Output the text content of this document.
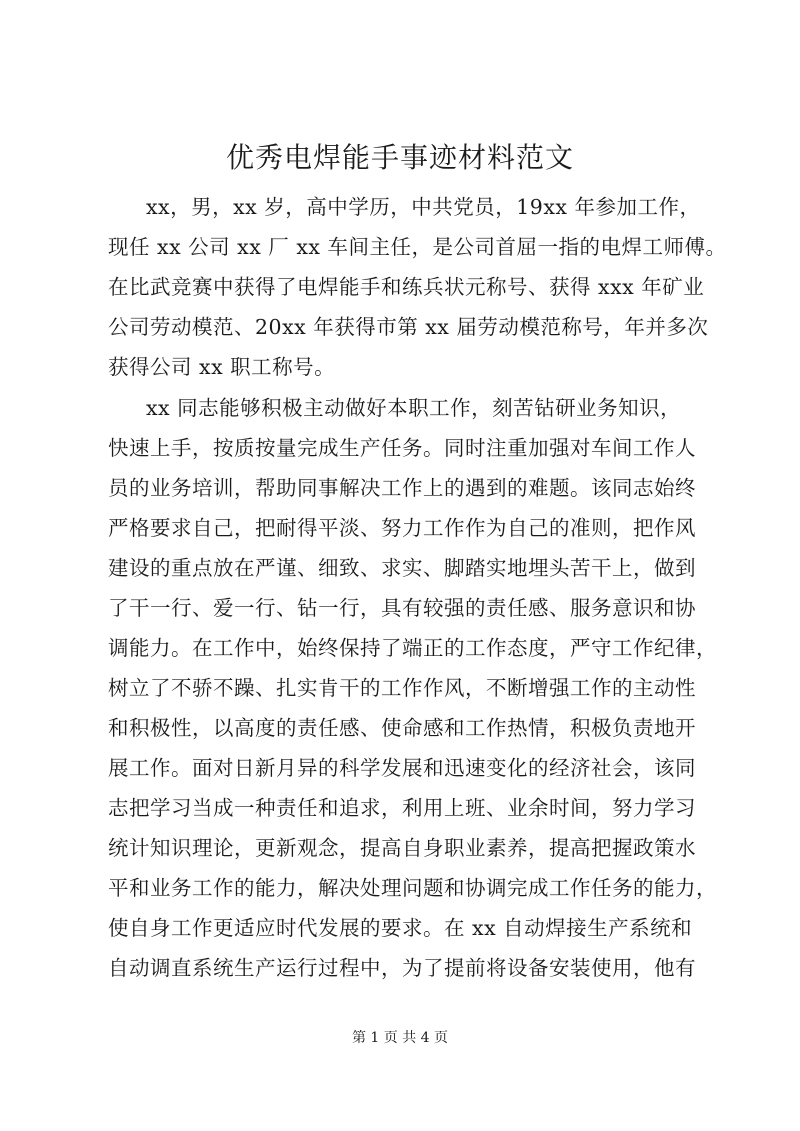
优秀电焊能手事迹材料范文
xx，男，xx 岁，高中学历，中共党员，19xx 年参加工作，
现任 xx 公司 xx 厂 xx 车间主任，是公司首屈一指的电焊工师傅。
在比武竞赛中获得了电焊能手和练兵状元称号、获得 xxx 年矿业
公司劳动模范、20xx 年获得市第 xx 届劳动模范称号，年并多次
获得公司 xx 职工称号。
xx 同志能够积极主动做好本职工作，刻苦钻研业务知识，
快速上手，按质按量完成生产任务。同时注重加强对车间工作人
员的业务培训，帮助同事解决工作上的遇到的难题。该同志始终
严格要求自己，把耐得平淡、努力工作作为自己的准则，把作风
建设的重点放在严谨、细致、求实、脚踏实地埋头苦干上，做到
了干一行、爱一行、钻一行，具有较强的责任感、服务意识和协
调能力。在工作中，始终保持了端正的工作态度，严守工作纪律，
树立了不骄不躁、扎实肯干的工作作风，不断增强工作的主动性
和积极性，以高度的责任感、使命感和工作热情，积极负责地开
展工作。面对日新月异的科学发展和迅速变化的经济社会，该同
志把学习当成一种责任和追求，利用上班、业余时间，努力学习
统计知识理论，更新观念，提高自身职业素养，提高把握政策水
平和业务工作的能力，解决处理问题和协调完成工作任务的能力，
使自身工作更适应时代发展的要求。在 xx 自动焊接生产系统和
自动调直系统生产运行过程中，为了提前将设备安装使用，他有
第 1 页 共 4 页
